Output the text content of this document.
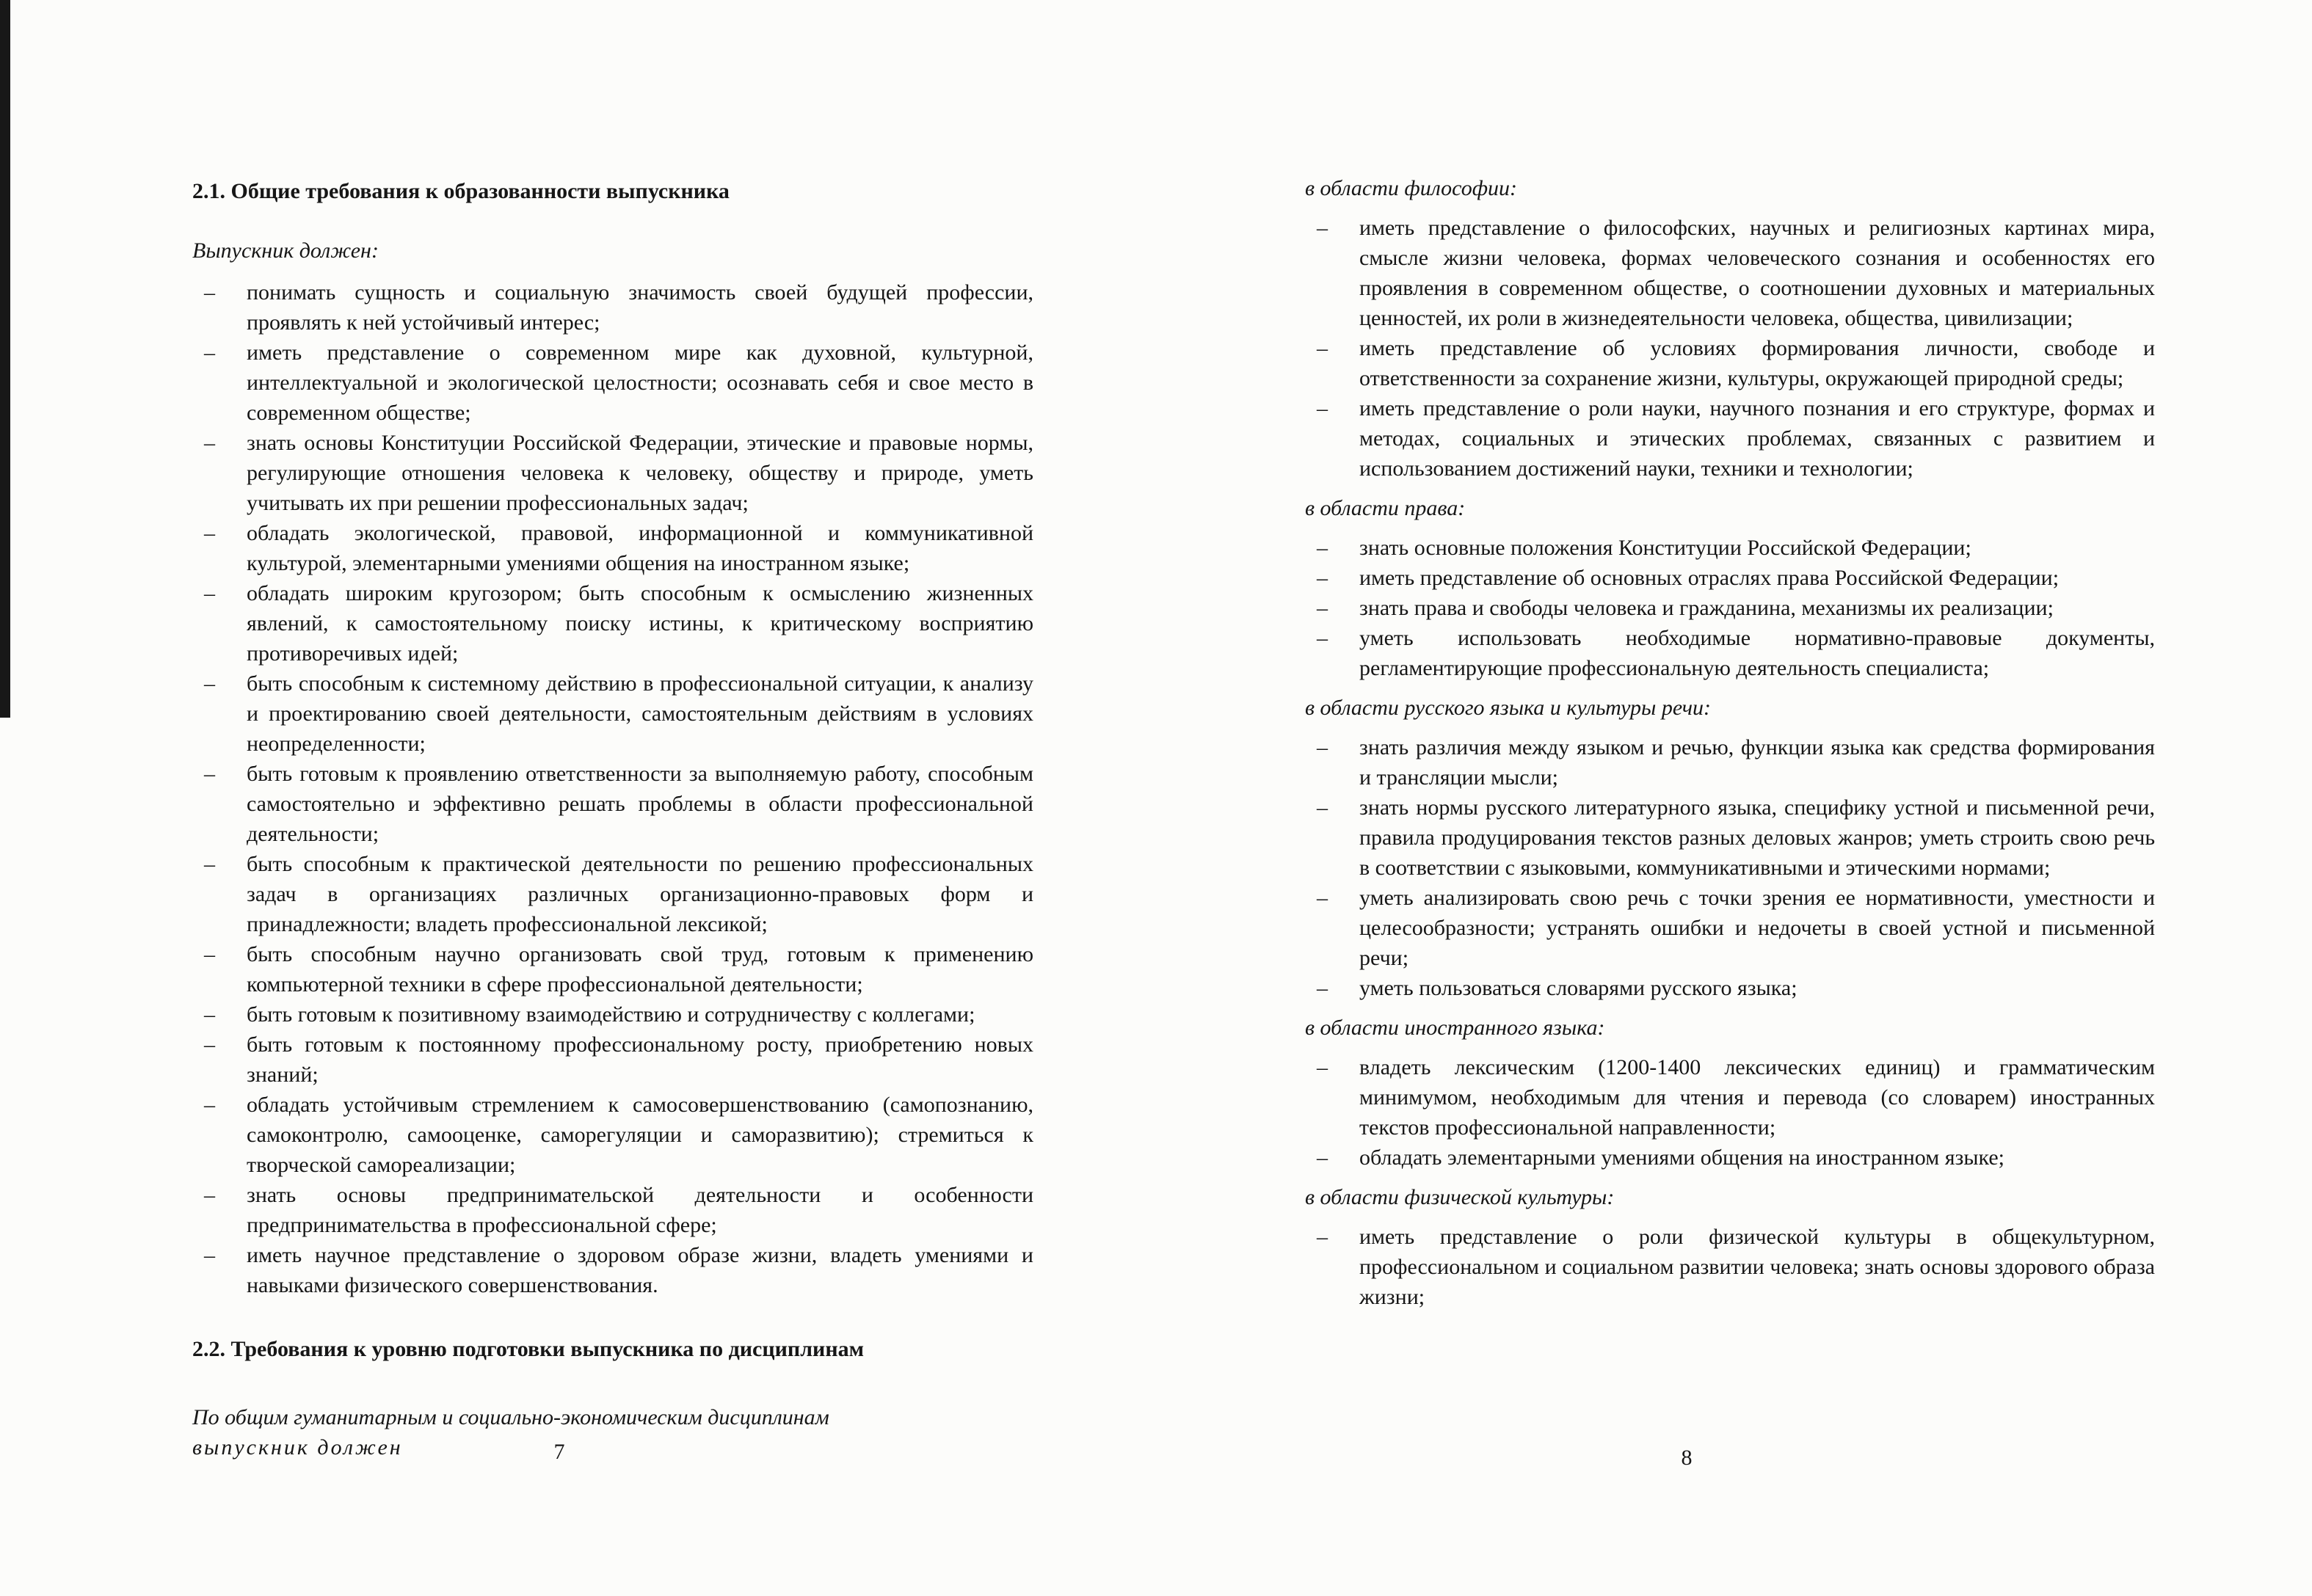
2.1. Общие требования к образованности выпускника

Выпускник должен:

– понимать сущность и социальную значимость своей будущей профессии, проявлять к ней устойчивый интерес;
– иметь представление о современном мире как духовной, культурной, интеллектуальной и экологической целостности; осознавать себя и свое место в современном обществе;
– знать основы Конституции Российской Федерации, этические и правовые нормы, регулирующие отношения человека к человеку, обществу и природе, уметь учитывать их при решении профессиональных задач;
– обладать экологической, правовой, информационной и коммуникативной культурой, элементарными умениями общения на иностранном языке;
– обладать широким кругозором; быть способным к осмыслению жизненных явлений, к самостоятельному поиску истины, к критическому восприятию противоречивых идей;
– быть способным к системному действию в профессиональной ситуации, к анализу и проектированию своей деятельности, самостоятельным действиям в условиях неопределенности;
– быть готовым к проявлению ответственности за выполняемую работу, способным самостоятельно и эффективно решать проблемы в области профессиональной деятельности;
– быть способным к практической деятельности по решению профессиональных задач в организациях различных организационно-правовых форм и принадлежности; владеть профессиональной лексикой;
– быть способным научно организовать свой труд, готовым к применению компьютерной техники в сфере профессиональной деятельности;
– быть готовым к позитивному взаимодействию и сотрудничеству с коллегами;
– быть готовым к постоянному профессиональному росту, приобретению новых знаний;
– обладать устойчивым стремлением к самосовершенствованию (самопознанию, самоконтролю, самооценке, саморегуляции и саморазвитию); стремиться к творческой самореализации;
– знать основы предпринимательской деятельности и особенности предпринимательства в профессиональной сфере;
– иметь научное представление о здоровом образе жизни, владеть умениями и навыками физического совершенствования.

2.2. Требования к уровню подготовки выпускника по дисциплинам

По общим гуманитарным и социально-экономическим дисциплинам

выпускник должен

в области философии:

– иметь представление о философских, научных и религиозных картинах мира, смысле жизни человека, формах человеческого сознания и особенностях его проявления в современном обществе, о соотношении духовных и материальных ценностей, их роли в жизнедеятельности человека, общества, цивилизации;
– иметь представление об условиях формирования личности, свободе и ответственности за сохранение жизни, культуры, окружающей природной среды;
– иметь представление о роли науки, научного познания и его структуре, формах и методах, социальных и этических проблемах, связанных с развитием и использованием достижений науки, техники и технологии;

в области права:

– знать основные положения Конституции Российской Федерации;
– иметь представление об основных отраслях права Российской Федерации;
– знать права и свободы человека и гражданина, механизмы их реализации;
– уметь использовать необходимые нормативно-правовые документы, регламентирующие профессиональную деятельность специалиста;

в области русского языка и культуры речи:

– знать различия между языком и речью, функции языка как средства формирования и трансляции мысли;
– знать нормы русского литературного языка, специфику устной и письменной речи, правила продуцирования текстов разных деловых жанров; уметь строить свою речь в соответствии с языковыми, коммуникативными и этическими нормами;
– уметь анализировать свою речь с точки зрения ее нормативности, уместности и целесообразности; устранять ошибки и недочеты в своей устной и письменной речи;
– уметь пользоваться словарями русского языка;

в области иностранного языка:

– владеть лексическим (1200-1400 лексических единиц) и грамматическим минимумом, необходимым для чтения и перевода (со словарем) иностранных текстов профессиональной направленности;
– обладать элементарными умениями общения на иностранном языке;

в области физической культуры:

– иметь представление о роли физической культуры в общекультурном, профессиональном и социальном развитии человека; знать основы здорового образа жизни;
7	8
